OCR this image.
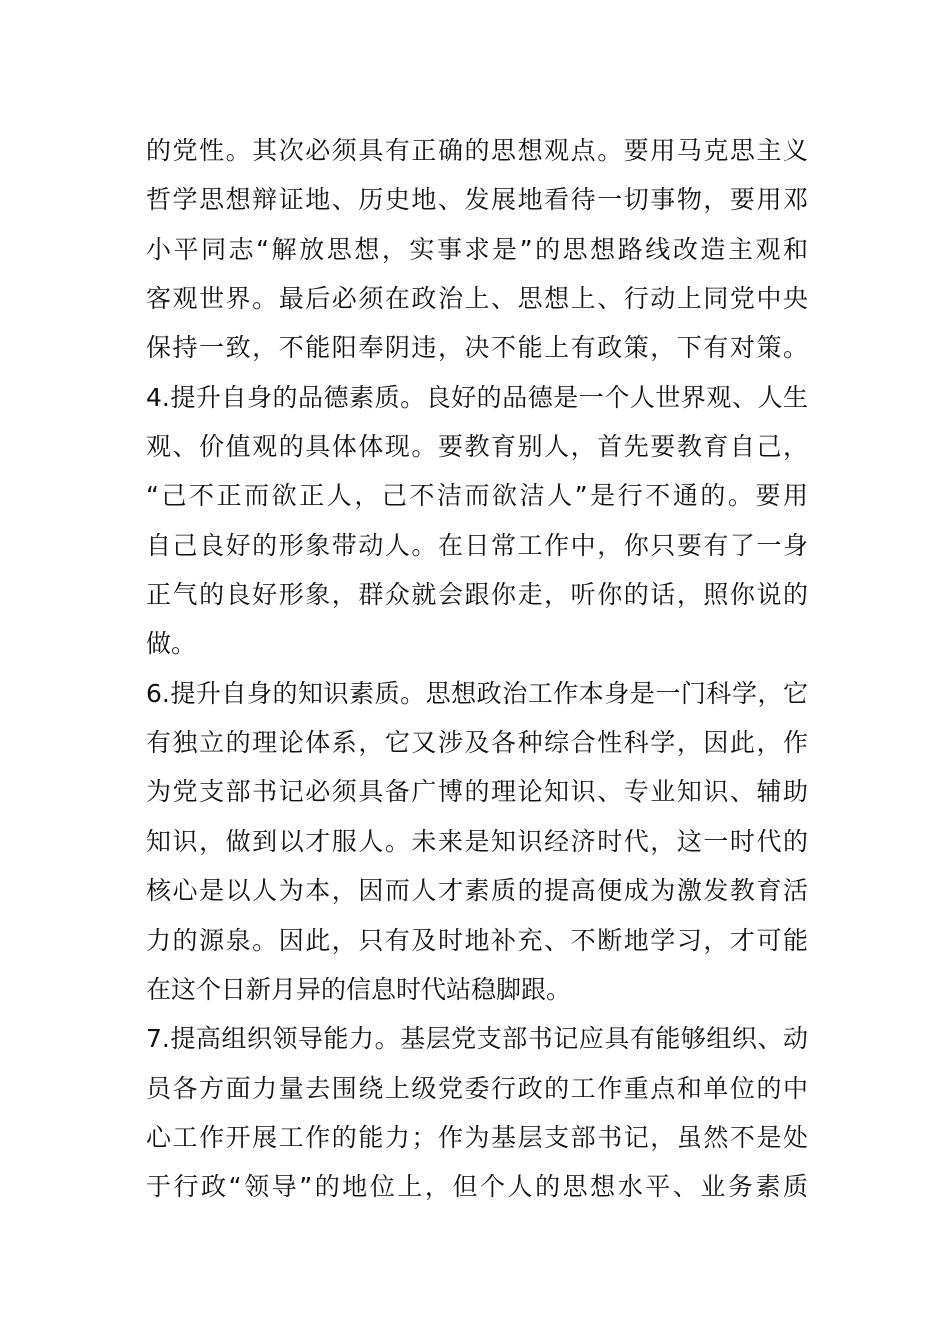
的党性。其次必须具有正确的思想观点。要用马克思主义
哲学思想辩证地、历史地、发展地看待一切事物，要用邓
小平同志“解放思想，实事求是”的思想路线改造主观和
客观世界。最后必须在政治上、思想上、行动上同党中央
保持一致，不能阳奉阴违，决不能上有政策，下有对策。
4.提升自身的品德素质。良好的品德是一个人世界观、人生
观、价值观的具体体现。要教育别人，首先要教育自己，
“己不正而欲正人，己不洁而欲洁人”是行不通的。要用
自己良好的形象带动人。在日常工作中，你只要有了一身
正气的良好形象，群众就会跟你走，听你的话，照你说的
做。
6.提升自身的知识素质。思想政治工作本身是一门科学，它
有独立的理论体系，它又涉及各种综合性科学，因此，作
为党支部书记必须具备广博的理论知识、专业知识、辅助
知识，做到以才服人。未来是知识经济时代，这一时代的
核心是以人为本，因而人才素质的提高便成为激发教育活
力的源泉。因此，只有及时地补充、不断地学习，才可能
在这个日新月异的信息时代站稳脚跟。
7.提高组织领导能力。基层党支部书记应具有能够组织、动
员各方面力量去围绕上级党委行政的工作重点和单位的中
心工作开展工作的能力；作为基层支部书记，虽然不是处
于行政“领导”的地位上，但个人的思想水平、业务素质
